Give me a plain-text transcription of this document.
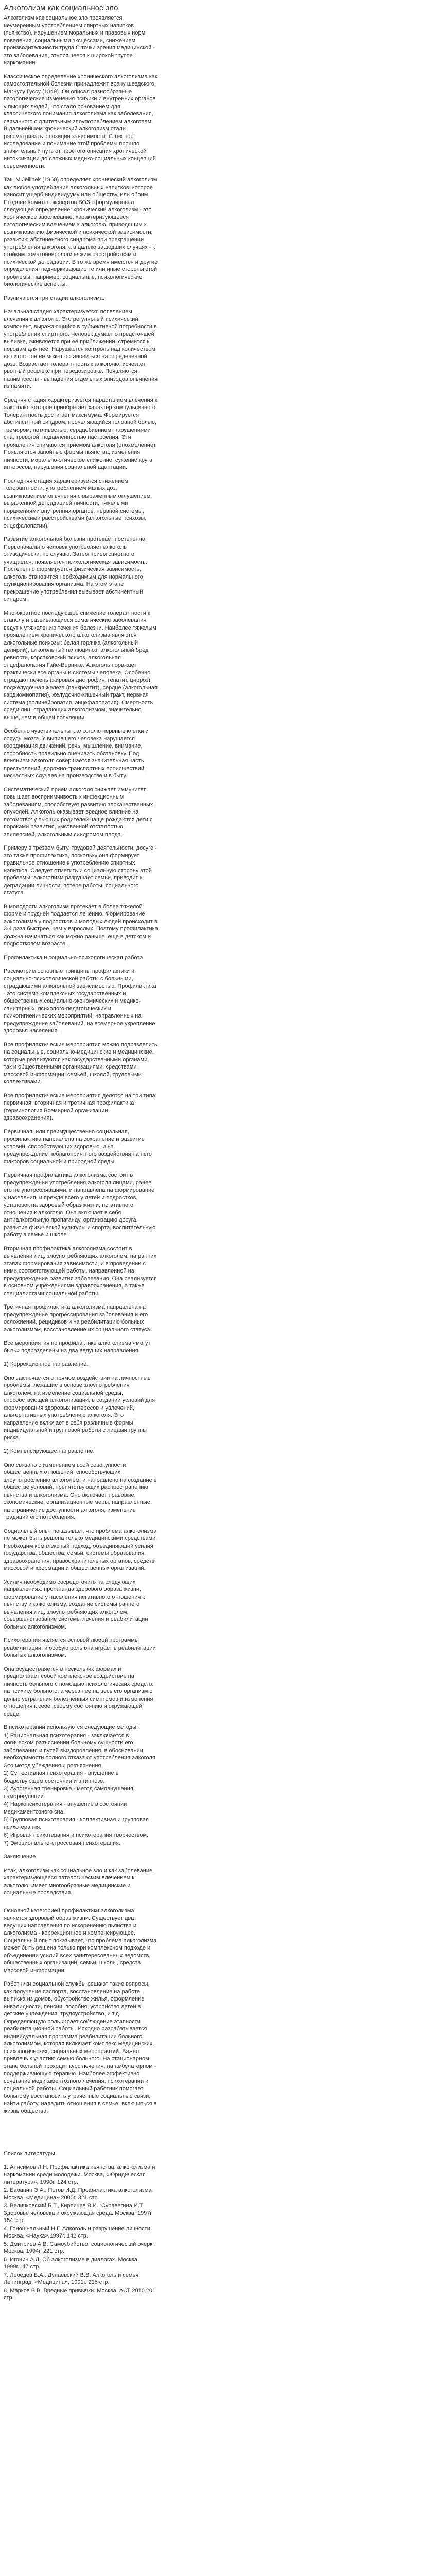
Алкоголизм как социальное зло

Алкоголизм как социальное зло проявляется неумеренным употреблением спиртных напитков (пьянство), нарушением моральных и правовых норм поведения, социальными эксцессами, снижением производительности труда.С точки зрения медицинской - это заболевание, относящееся к широкой группе наркомании.

Классическое определение хронического алкоголизма как самостоятельной болезни принадлежит врачу шведского Магнусу Гуссу (1849). Он описал разнообразные патологические изменения психики и внутренних органов у пьющих людей, что стало основанием для классического понимания алкоголизма как заболевания, связанного с длительным злоупотреблением алкоголем. В дальнейшем хронический алкоголизм стали рассматривать с позиции зависимости. С тех пор исследование и понимание этой проблемы прошло значительный путь от простого описания хронической интоксикации до сложных медико-социальных концепций современности.

Так, М.Jellinek (1960) определяет хронический алкоголизм как любое употребление алкогольных напитков, которое наносит ущерб индивидууму или обществу, или обоим. Позднее Комитет экспертов ВОЗ сформулировал следующее определение: хронический алкоголизм - это хроническое заболевание, характеризующееся патологическим влечением к алкоголю, приводящим к возникновению физической и психической зависимости, развитию абстинентного синдрома при прекращении употребления алкоголя, а в далеко зашедших случаях - к стойким соматоневрологическим расстройствам и психической деградации. В то же время имеются и другие определения, подчеркивающие те или иные стороны этой проблемы, например, социальные, психологические, биологические аспекты.

Различаются три стадии алкоголизма.

Начальная стадия характеризуется: появлением влечения к алкоголю. Это регулярный психический компонент, выражающийся в субъективной потребности в употреблении спиртного. Человек думает о предстоящей выпивке, оживляется при её приближении, стремится к поводам для неё. Нарушается контроль над количеством выпитого: он не может остановиться на определенной дозе. Возрастает толерантность к алкоголю, исчезает рвотный рефлекс при передозировке. Появляются палимпсесты - выпадения отдельных эпизодов опьянения из памяти.

Средняя стадия характеризуется нарастанием влечения к алкоголю, которое приобретает характер компульсивного. Толерантность достигает максимума. Формируется абстинентный синдром, проявляющийся головной болью, тремором, потливостью, сердцебиением, нарушениями сна, тревогой, подавленностью настроения. Эти проявления снимаются приемом алкоголя (опохмеление). Появляются запойные формы пьянства, изменения личности, морально-этическое снижение, сужение круга интересов, нарушения социальной адаптации.

Последняя стадия характеризуется снижением толерантности, употреблением малых доз, возникновением опьянения с выраженным оглушением, выраженной деградацией личности, тяжелыми поражениями внутренних органов, нервной системы, психическими расстройствами (алкогольные психозы, энцефалопатии).

Развитие алкогольной болезни протекает постепенно. Первоначально человек употребляет алкоголь эпизодически, по случаю. Затем прием спиртного учащается, появляется психологическая зависимость. Постепенно формируется физическая зависимость, алкоголь становится необходимым для нормального функционирования организма. На этом этапе прекращение употребления вызывает абстинентный синдром.

Многократное последующее снижение толерантности к этанолу и развивающиеся соматические заболевания ведут к утяжелению течения болезни. Наиболее тяжелым проявлением хронического алкоголизма являются алкогольные психозы: белая горячка (алкогольный делирий), алкогольный галлюциноз, алкогольный бред ревности, корсаковский психоз, алкогольная энцефалопатия Гайе-Вернике. Алкоголь поражает практически все органы и системы человека. Особенно страдают печень (жировая дистрофия, гепатит, цирроз), поджелудочная железа (панкреатит), сердце (алкогольная кардиомиопатия), желудочно-кишечный тракт, нервная система (полинейропатия, энцефалопатия). Смертность среди лиц, страдающих алкоголизмом, значительно выше, чем в общей популяции.

Особенно чувствительны к алкоголю нервные клетки и сосуды мозга. У выпившего человека нарушается координация движений, речь, мышление, внимание, способность правильно оценивать обстановку. Под влиянием алкоголя совершается значительная часть преступлений, дорожно-транспортных происшествий, несчастных случаев на производстве и в быту.

Систематический прием алкоголя снижает иммунитет, повышает восприимчивость к инфекционным заболеваниям, способствует развитию злокачественных опухолей. Алкоголь оказывает вредное влияние на потомство: у пьющих родителей чаще рождаются дети с пороками развития, умственной отсталостью, эпилепсией, алкогольным синдромом плода.

Примеру в трезвом быту, трудовой деятельности, досуге - это также профилактика, поскольку она формирует правильное отношение к употреблению спиртных напитков. Следует отметить и социальную сторону этой проблемы: алкоголизм разрушает семьи, приводит к деградации личности, потере работы, социального статуса.

В молодости алкоголизм протекает в более тяжелой форме и трудней поддается лечению. Формирование алкоголизма у подростков и молодых людей происходит в 3-4 раза быстрее, чем у взрослых. Поэтому профилактика должна начинаться как можно раньше, еще в детском и подростковом возрасте.

Профилактика и социально-психологическая работа.

Рассмотрим основные принципы профилактики и социально-психологической работы с больными, страдающими алкогольной зависимостью. Профилактика - это система комплексных государственных и общественных социально-экономических и медико-санитарных, психолого-педагогических и психогигиенических мероприятий, направленных на предупреждение заболеваний, на всемерное укрепление здоровья населения.

Все профилактические мероприятия можно подразделить на социальные, социально-медицинские и медицинские, которые реализуются как государственными органами, так и общественными организациями, средствами массовой информации, семьей, школой, трудовыми коллективами.

Все профилактические мероприятия делятся на три типа: первичная, вторичная и третичная профилактика (терминология Всемирной организации здравоохранения).

Первичная, или преимущественно социальная, профилактика направлена на сохранение и развитие условий, способствующих здоровью, и на предупреждение неблагоприятного воздействия на него факторов социальной и природной среды.

Первичная профилактика алкоголизма состоит в предупреждении употребления алкоголя лицами, ранее его не употреблявшими, и направлена на формирование у населения, и прежде всего у детей и подростков, установок на здоровый образ жизни, негативного отношения к алкоголю. Она включает в себя антиалкогольную пропаганду, организацию досуга, развитие физической культуры и спорта, воспитательную работу в семье и школе.

Вторичная профилактика алкоголизма состоит в выявлении лиц, злоупотребляющих алкоголем, на ранних этапах формирования зависимости, и в проведении с ними соответствующей работы, направленной на предупреждение развития заболевания. Она реализуется в основном учреждениями здравоохранения, а также специалистами социальной работы.

Третичная профилактика алкоголизма направлена на предупреждение прогрессирования заболевания и его осложнений, рецидивов и на реабилитацию больных алкоголизмом, восстановление их социального статуса.

Все мероприятия по профилактике алкоголизма «могут быть» подразделены на два ведущих направления.

1) Коррекционное направление.

Оно заключается в прямом воздействии на личностные проблемы, лежащие в основе злоупотребления алкоголем, на изменение социальной среды, способствующей алкоголизации, в создании условий для формирования здоровых интересов и увлечений, альтернативных употреблению алкоголя. Это направление включает в себя различные формы индивидуальной и групповой работы с лицами группы риска.

2) Компенсирующее направление.

Оно связано с изменением всей совокупности общественных отношений, способствующих злоупотреблению алкоголем, и направлено на создание в обществе условий, препятствующих распространению пьянства и алкоголизма. Оно включает правовые, экономические, организационные меры, направленные на ограничение доступности алкоголя, изменение традиций его потребления.

Социальный опыт показывает, что проблема алкоголизма не может быть решена только медицинскими средствами. Необходим комплексный подход, объединяющий усилия государства, общества, семьи, системы образования, здравоохранения, правоохранительных органов, средств массовой информации и общественных организаций.

Усилия необходимо сосредоточить на следующих направлениях: пропаганда здорового образа жизни, формирование у населения негативного отношения к пьянству и алкоголизму, создание системы раннего выявления лиц, злоупотребляющих алкоголем, совершенствование системы лечения и реабилитации больных алкоголизмом.

Психотерапия является основой любой программы реабилитации, и особую роль она играет в реабилитации больных алкоголизмом.

Она осуществляется в нескольких формах и предполагает собой комплексное воздействие на личность больного с помощью психологических средств: на психику больного, а через нее на весь его организм с целью устранения болезненных симптомов и изменения отношения к себе, своему состоянию и окружающей среде.

В психотерапии используются следующие методы:

1) Рациональная психотерапия - заключается в логическом разъяснении больному сущности его заболевания и путей выздоровления, в обосновании необходимости полного отказа от употребления алкоголя. Это метод убеждения и разъяснения.

2) Суггестивная психотерапия - внушение в бодрствующем состоянии и в гипнозе.

3) Аутогенная тренировка - метод самовнушения, саморегуляции.

4) Наркопсихотерапия - внушение в состоянии медикаментозного сна.

5) Групповая психотерапия - коллективная и групповая психотерапия.

6) Игровая психотерапия и психотерапия творчеством.

7) Эмоционально-стрессовая психотерапия.

Заключение

Итак, алкоголизм как социальное зло и как заболевание, характеризующееся патологическим влечением к алкоголю, имеет многообразные медицинские и социальные последствия.

Основной категорией профилактики алкоголизма является здоровый образ жизни. Существует два ведущих направления по искоренению пьянства и алкоголизма - коррекционное и компенсирующее. Социальный опыт показывает, что проблема алкоголизма может быть решена только при комплексном подходе и объединении усилий всех заинтересованных ведомств, общественных организаций, семьи, школы, средств массовой информации.

Работники социальной службы решают такие вопросы, как получение паспорта, восстановление на работе, выписка из домов, обустройство жилья, оформление инвалидности, пенсии, пособия, устройство детей в детские учреждения, трудоустройство, и т.д. Определяющую роль играет соблюдение этапности реабилитационной работы. Исходно разрабатывается индивидуальная программа реабилитации больного алкоголизмом, которая включает комплекс медицинских, психологических, социальных мероприятий. Важно привлечь к участию семью больного. На стационарном этапе больной проходит курс лечения, на амбулаторном - поддерживающую терапию. Наиболее эффективно сочетание медикаментозного лечения, психотерапии и социальной работы. Социальный работник помогает больному восстановить утраченные социальные связи, найти работу, наладить отношения в семье, включиться в жизнь общества.

Список литературы

1. Анисимов Л.Н. Профилактика пьянства, алкоголизма и наркомании среди молодежи. Москва, «Юридическая литература», 1990г. 124 стр.
2. Бабанин Э.А., Петов И.Д. Профилактика алкоголизма. Москва, «Медицина»,2000г. 321 стр.
3. Величковский Б.Т., Кирпичев В.И., Суравегина И.Т. Здоровье человека и окружающая среда. Москва, 1997г. 154 стр.
4. Гоношнальный Н.Г. Алкоголь и разрушение личности. Москва, «Наука»,1997г. 142 стр.
5. Дмитриев А.В. Самоубийство: социологический очерк. Москва, 1994г. 221 стр.
6. Игонин А.Л. Об алкоголизме в диалогах. Москва, 1999г.147 стр.
7. Лебедев Б.А., Дунаевский В.В. Алкоголь и семья. Ленинград, «Медицина», 1991г. 215 стр.
8. Марков В.В. Вредные привычки. Москва, АСТ 2010.201 стр.
